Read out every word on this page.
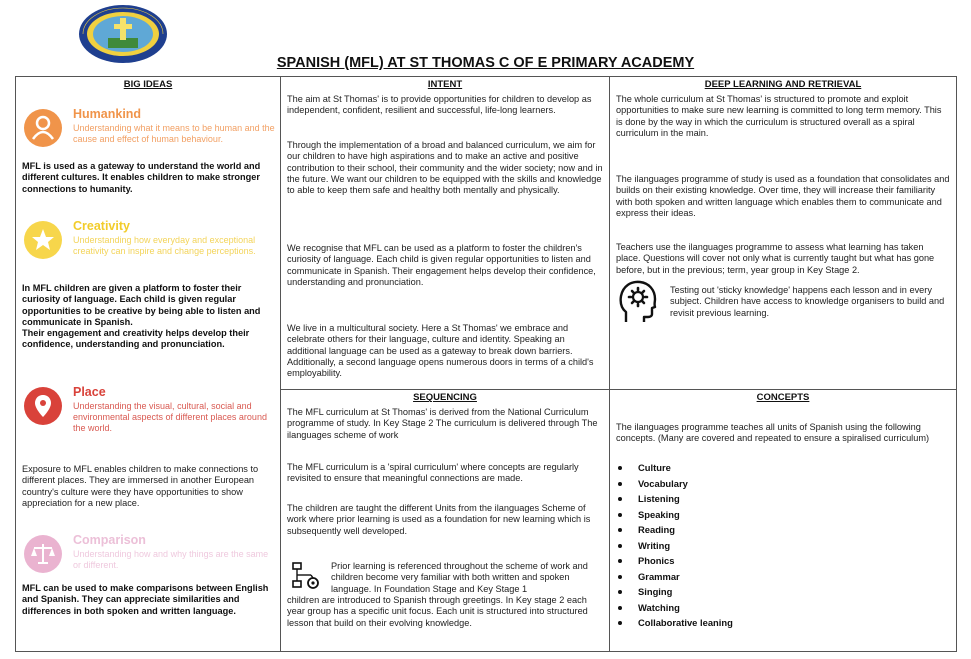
SPANISH (MFL) AT ST THOMAS C OF E PRIMARY ACADEMY
BIG IDEAS
Humankind
Understanding what it means to be human and the cause and effect of human behaviour.
MFL is used as a gateway to understand the world and different cultures. It enables children to make stronger connections to humanity.
Creativity
Understanding how everyday and exceptional creativity can inspire and change perceptions.
In MFL children are given a platform to foster their curiosity of language. Each child is given regular opportunities to be creative by being able to listen and communicate in Spanish.
Their engagement and creativity helps develop their confidence, understanding and pronunciation.
Place
Understanding the visual, cultural, social and environmental aspects of different places around the world.
Exposure to MFL enables children to make connections to different places. They are immersed in another European country's culture were they have opportunities to show appreciation for a new place.
Comparison
Understanding how and why things are the same or different.
MFL can be used to make comparisons between English and Spanish. They can appreciate similarities and differences in both spoken and written language.
INTENT
The aim at St Thomas' is to provide opportunities for children to develop as independent, confident, resilient and successful, life-long learners.
Through the implementation of a broad and balanced curriculum, we aim for our children to have high aspirations and to make an active and positive contribution to their school, their community and the wider society; now and in the future. We want our children to be equipped with the skills and knowledge to able to keep them safe and healthy both mentally and physically.
We recognise that MFL can be used as a platform to foster the children's curiosity of language. Each child is given regular opportunities to listen and communicate in Spanish. Their engagement helps develop their confidence, understanding and pronunciation.
We live in a multicultural society. Here a St Thomas' we embrace and celebrate others for their language, culture and identity. Speaking an additional language can be used as a gateway to break down barriers. Additionally, a second language opens numerous doors in terms of a child's employability.
DEEP LEARNING AND RETRIEVAL
The whole curriculum at St Thomas' is structured to promote and exploit opportunities to make sure new learning is committed to long term memory. This is done by the way in which the curriculum is structured overall as a spiral curriculum in the main.
The ilanguages programme of study is used as a foundation that consolidates and builds on their existing knowledge. Over time, they will increase their familiarity with both spoken and written language which enables them to communicate and express their ideas.
Teachers use the ilanguages programme to assess what learning has taken place. Questions will cover not only what is currently taught but what has gone before, but in the previous; term, year group in Key Stage 2.
Testing out 'sticky knowledge' happens each lesson and in every subject. Children have access to knowledge organisers to build and revisit previous learning.
SEQUENCING
The MFL curriculum at St Thomas' is derived from the National Curriculum programme of study. In Key Stage 2 The curriculum is delivered through The ilanguages scheme of work
The MFL curriculum is a 'spiral curriculum' where concepts are regularly revisited to ensure that meaningful connections are made.
The children are taught the different Units from the ilanguages Scheme of work where prior learning is used as a foundation for new learning which is subsequently well developed.
Prior learning is referenced throughout the scheme of work and children become very familiar with both written and spoken language. In Foundation Stage and Key Stage 1
children are introduced to Spanish through greetings. In Key stage 2 each year group has a specific unit focus. Each unit is structured into structured lesson that build on their evolving knowledge.
CONCEPTS
The ilanguages programme teaches all units of Spanish using the following concepts. (Many are covered and repeated to ensure a spiralised curriculum)
Culture
Vocabulary
Listening
Speaking
Reading
Writing
Phonics
Grammar
Singing
Watching
Collaborative leaning
